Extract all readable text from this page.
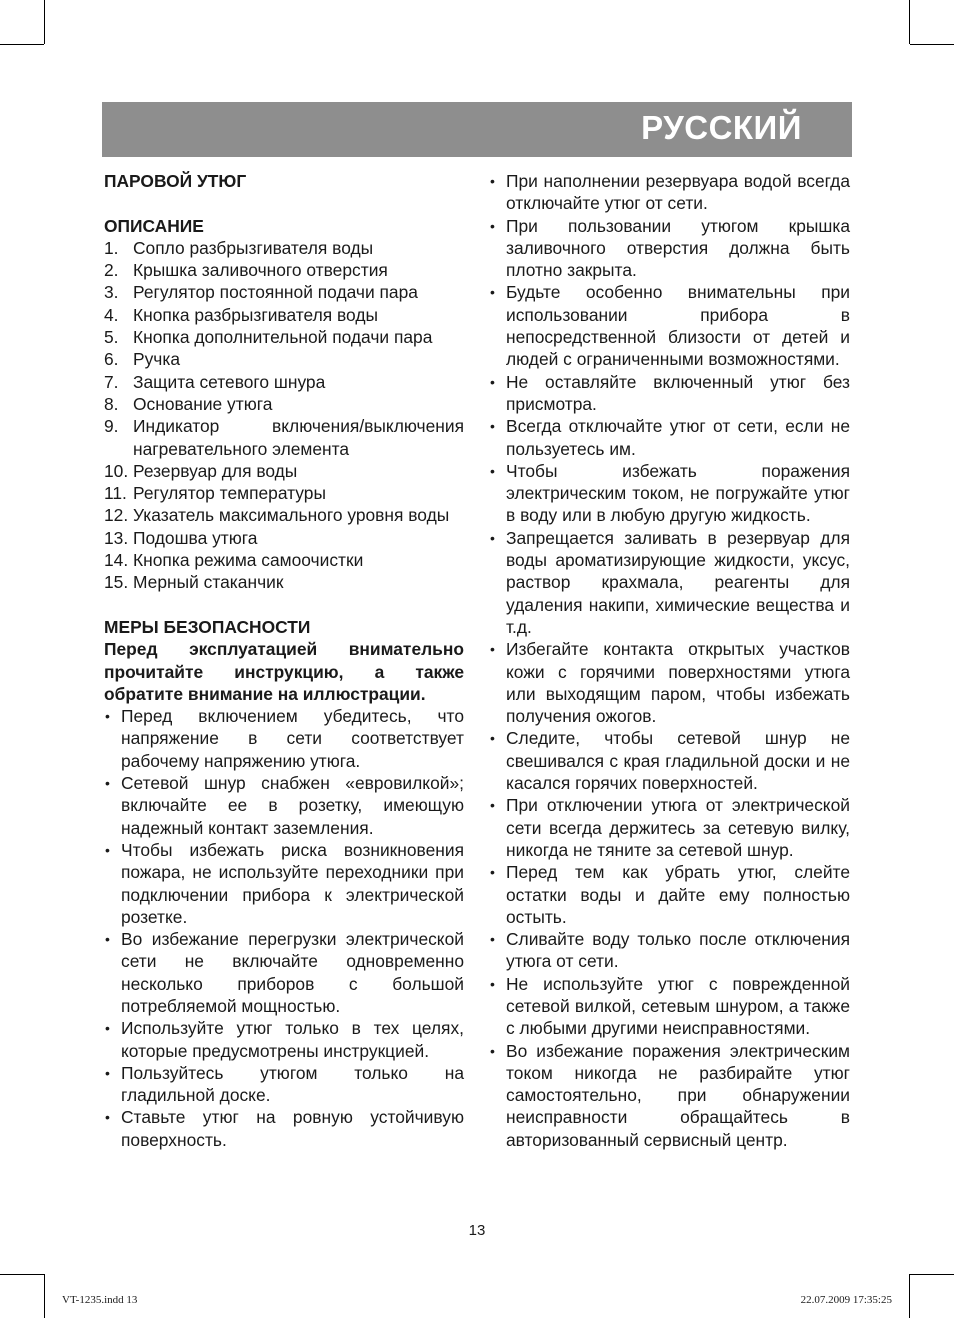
РУССКИЙ

ПАРОВОЙ УТЮГ

ОПИСАНИЕ

1. Сопло разбрызгивателя воды
2. Крышка заливочного отверстия
3. Регулятор постоянной подачи пара
4. Кнопка разбрызгивателя воды
5. Кнопка дополнительной подачи пара
6. Ручка
7. Защита сетевого шнура
8. Основание утюга
9. Индикатор включения/выключения нагревательного элемента
10. Резервуар для воды
11. Регулятор температуры
12. Указатель максимального уровня воды
13. Подошва утюга
14. Кнопка режима самоочистки
15. Мерный стаканчик

МЕРЫ БЕЗОПАСНОСТИ

Перед эксплуатацией внимательно прочитайте инструкцию, а также обратите внимание на иллюстрации.

• Перед включением убедитесь, что напряжение в сети соответствует рабочему напряжению утюга.
• Сетевой шнур снабжен «евровилкой»; включайте ее в розетку, имеющую надежный контакт заземления.
• Чтобы избежать риска возникновения пожара, не используйте переходники при подключении прибора к электрической розетке.
• Во избежание перегрузки электрической сети не включайте одновременно несколько приборов с большой потребляемой мощностью.
• Используйте утюг только в тех целях, которые предусмотрены инструкцией.
• Пользуйтесь утюгом только на гладильной доске.
• Ставьте утюг на ровную устойчивую поверхность.
• При наполнении резервуара водой всегда отключайте утюг от сети.
• При пользовании утюгом крышка заливочного отверстия должна быть плотно закрыта.
• Будьте особенно внимательны при использовании прибора в непосредственной близости от детей и людей с ограниченными возможностями.
• Не оставляйте включенный утюг без присмотра.
• Всегда отключайте утюг от сети, если не пользуетесь им.
• Чтобы избежать поражения электрическим током, не погружайте утюг в воду или в любую другую жидкость.
• Запрещается заливать в резервуар для воды ароматизирующие жидкости, уксус, раствор крахмала, реагенты для удаления накипи, химические вещества и т.д.
• Избегайте контакта открытых участков кожи с горячими поверхностями утюга или выходящим паром, чтобы избежать получения ожогов.
• Следите, чтобы сетевой шнур не свешивался с края гладильной доски и не касался горячих поверхностей.
• При отключении утюга от электрической сети всегда держитесь за сетевую вилку, никогда не тяните за сетевой шнур.
• Перед тем как убрать утюг, слейте остатки воды и дайте ему полностью остыть.
• Сливайте воду только после отключения утюга от сети.
• Не используйте утюг с поврежденной сетевой вилкой, сетевым шнуром, а также с любыми другими неисправностями.
• Во избежание поражения электрическим током никогда не разбирайте утюг самостоятельно, при обнаружении неисправности обращайтесь в авторизованный сервисный центр.
13
VT-1235.indd 13	22.07.2009 17:35:25
